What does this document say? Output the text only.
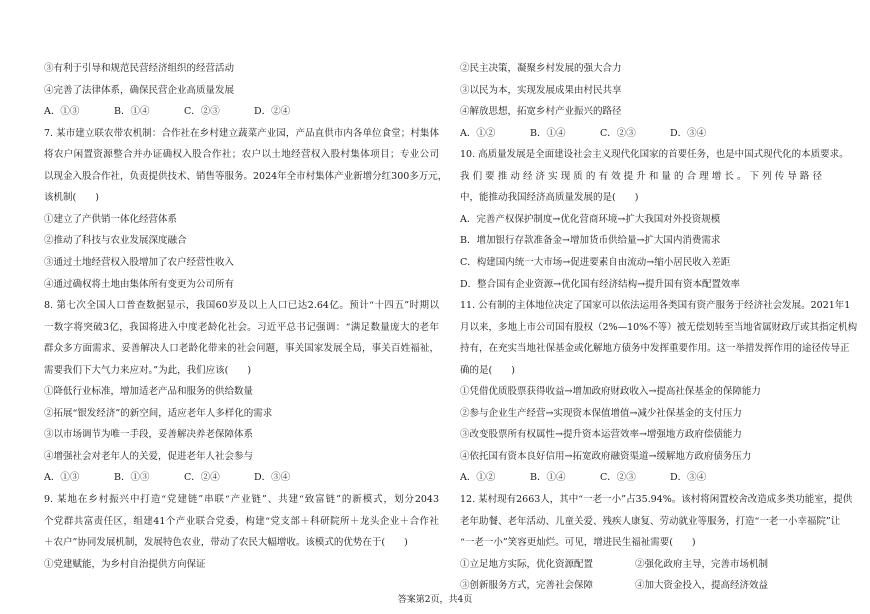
③有利于引导和规范民营经济组织的经营活动
④完善了法律体系，确保民营企业高质量发展
A．①③	B．①④	C．②③	D．②④
7. 某市建立联农带农机制：合作社在乡村建立蔬菜产业园，产品直供市内各单位食堂；村集体
将农户闲置资源整合并办证确权入股合作社；农户以土地经营权入股村集体项目；专业公司
以现金入股合作社，负责提供技术、销售等服务。2024年全市村集体产业新增分红300多万元，
该机制(　　)
①建立了产供销一体化经营体系
②推动了科技与农业发展深度融合
③通过土地经营权入股增加了农户经营性收入
④通过确权将土地由集体所有变更为公司所有
8. 第七次全国人口普查数据显示，我国60岁及以上人口已达2.64亿。预计“十四五”时期以
一数字将突破3亿，我国将进入中度老龄化社会。习近平总书记强调：“满足数量庞大的老年
群众多方面需求、妥善解决人口老龄化带来的社会问题，事关国家发展全局，事关百姓福祉，
需要我们下大气力来应对。”为此，我们应该(　　)
①降低行业标准，增加适老产品和服务的供给数量
②拓展“银发经济”的新空间，适应老年人多样化的需求
③以市场调节为唯一手段，妥善解决养老保障体系
④增强社会对老年人的关爱，促进老年人社会参与
A．①③	B．①③	C．②④	D．③④
9. 某地在乡村振兴中打造“党建链”串联“产业链”、共建“致富链”的新模式，划分2043
个党群共富责任区，组建41个产业联合党委，构建“党支部＋科研院所＋龙头企业＋合作社
＋农户”协同发展机制，发展特色农业，带动了农民大幅增收。该模式的优势在于(　　)
①党建赋能，为乡村自治提供方向保证
②民主决策，凝聚乡村发展的强大合力
③以民为本，实现发展成果由村民共享
④解放思想，拓宽乡村产业振兴的路径
A．①②	B．①④	C．②③	D．③④
10. 高质量发展是全面建设社会主义现代化国家的首要任务，也是中国式现代化的本质要求。
我们要推动经济实现质的有效提升和量的合理增长。下列传导路径
中，能推动我国经济高质量发展的是(　　)
A．完善产权保护制度→优化营商环境→扩大我国对外投资规模
B．增加银行存款准备金→增加货币供给量→扩大国内消费需求
C．构建国内统一大市场→促进要素自由流动→缩小居民收入差距
D．整合国有企业资源→优化国有经济结构→提升国有资本配置效率
11. 公有制的主体地位决定了国家可以依法运用各类国有资产服务于经济社会发展。2021年1
月以来，多地上市公司国有股权（2%—10%不等）被无偿划转至当地省属财政厅或其指定机构
持有，在充实当地社保基金或化解地方债务中发挥重要作用。这一举措发挥作用的途径传导正
确的是(　　)
①凭借优质股票获得收益→增加政府财政收入→提高社保基金的保障能力
②参与企业生产经营→实现资本保值增值→减少社保基金的支付压力
③改变股票所有权属性→提升资本运营效率→增强地方政府偿债能力
④依托国有资本良好信用→拓宽政府融资渠道→缓解地方政府债务压力
A．①②	B．①④	C．②③	D．③④
12. 某村现有2663人，其中“一老一小”占35.94%。该村将闲置校舍改造成多类功能室，提供
老年助餐、老年活动、儿童关爱、残疾人康复、劳动就业等服务，打造“一老一小幸福院”让
“一老一小”笑容更灿烂。可见，增进民生福祉需要(　　)
①立足地方实际，优化资源配置	②强化政府主导，完善市场机制
③创新服务方式，完善社会保障	④加大资金投入，提高经济效益
答案第2页，共4页
